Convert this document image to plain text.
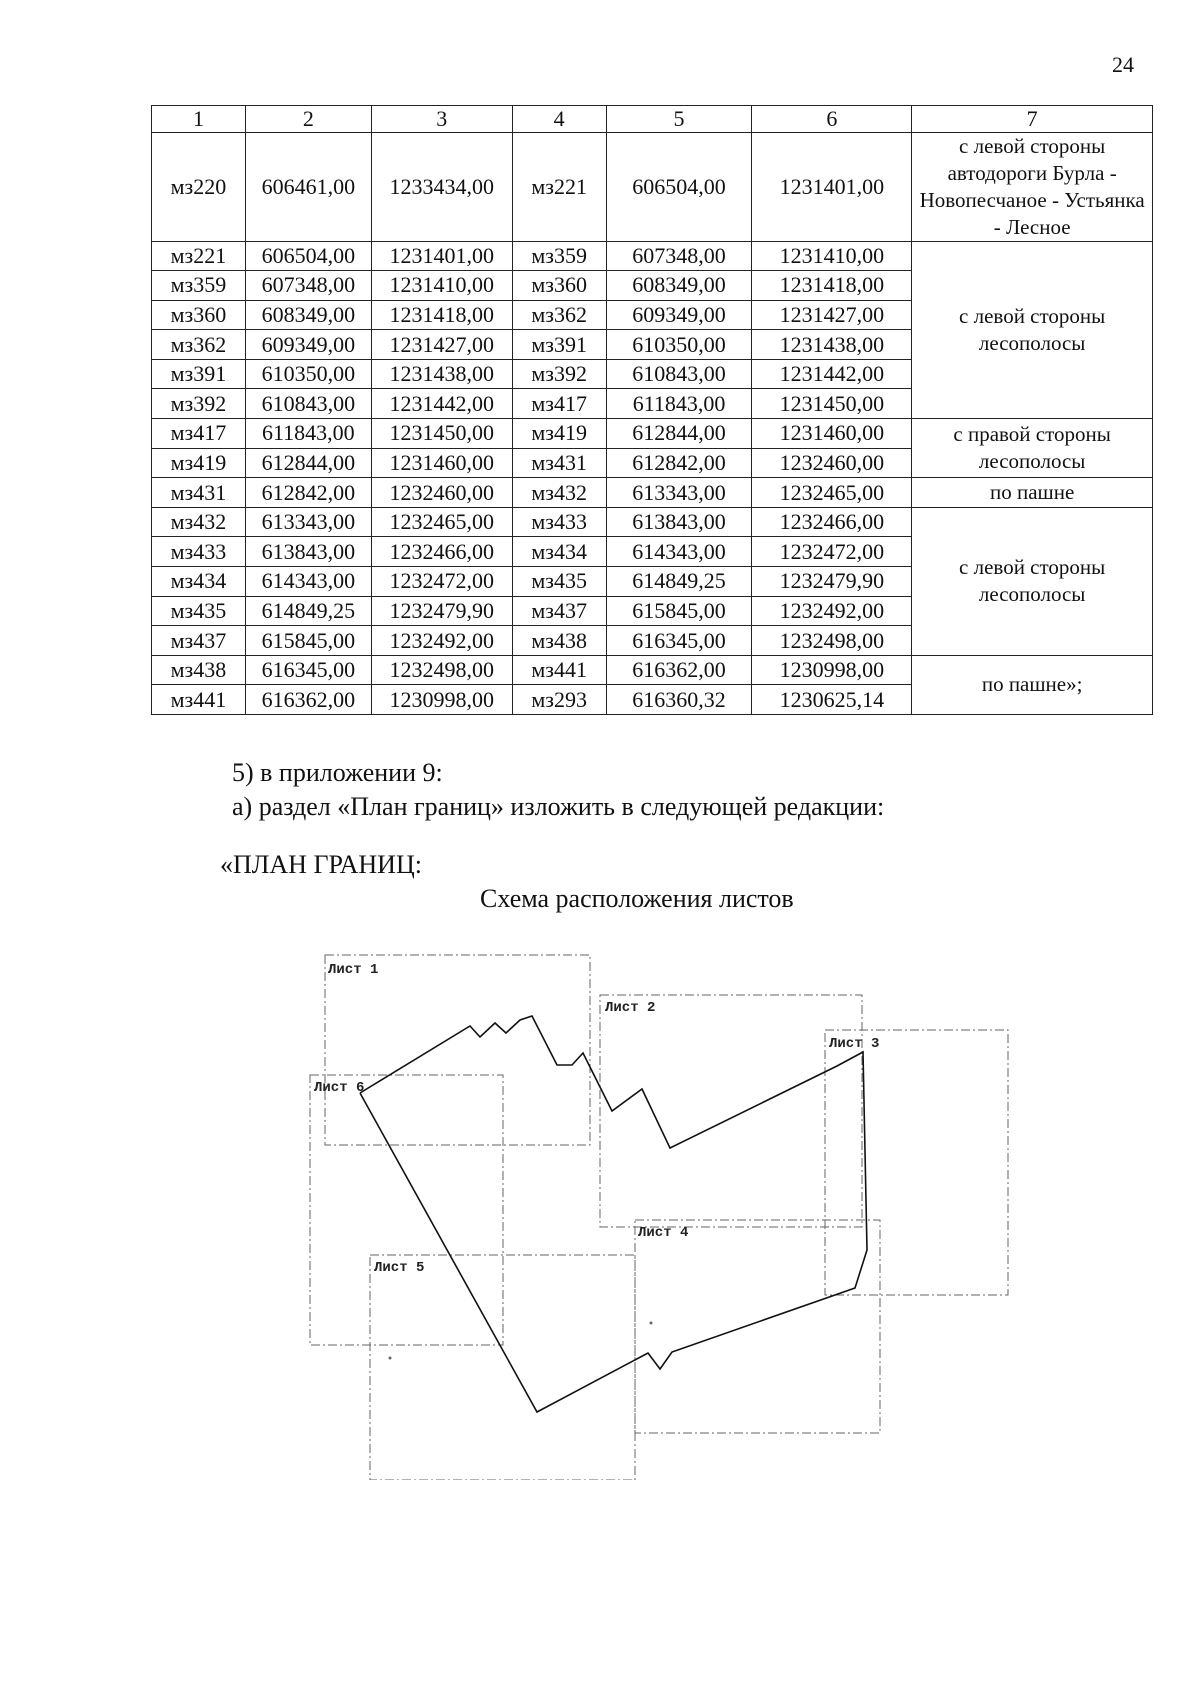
24
1	2	3	4	5	6	7
мз220	606461,00	1233434,00	мз221	606504,00	1231401,00	с левой стороны автодороги Бурла - Новопесчаное - Устьянка - Лесное
мз221	606504,00	1231401,00	мз359	607348,00	1231410,00	с левой стороны лесополосы
мз359	607348,00	1231410,00	мз360	608349,00	1231418,00	
мз360	608349,00	1231418,00	мз362	609349,00	1231427,00	
мз362	609349,00	1231427,00	мз391	610350,00	1231438,00	
мз391	610350,00	1231438,00	мз392	610843,00	1231442,00	
мз392	610843,00	1231442,00	мз417	611843,00	1231450,00	
мз417	611843,00	1231450,00	мз419	612844,00	1231460,00	с правой стороны лесополосы
мз419	612844,00	1231460,00	мз431	612842,00	1232460,00	
мз431	612842,00	1232460,00	мз432	613343,00	1232465,00	по пашне
мз432	613343,00	1232465,00	мз433	613843,00	1232466,00	с левой стороны лесополосы
мз433	613843,00	1232466,00	мз434	614343,00	1232472,00	
мз434	614343,00	1232472,00	мз435	614849,25	1232479,90	
мз435	614849,25	1232479,90	мз437	615845,00	1232492,00	
мз437	615845,00	1232492,00	мз438	616345,00	1232498,00	
мз438	616345,00	1232498,00	мз441	616362,00	1230998,00	по пашне»;
мз441	616362,00	1230998,00	мз293	616360,32	1230625,14	
5) в приложении 9:
а) раздел «План границ» изложить в следующей редакции:
«ПЛАН ГРАНИЦ:
Схема расположения листов
Лист 1
Лист 2
Лист 3
Лист 4
Лист 5
Лист 6
